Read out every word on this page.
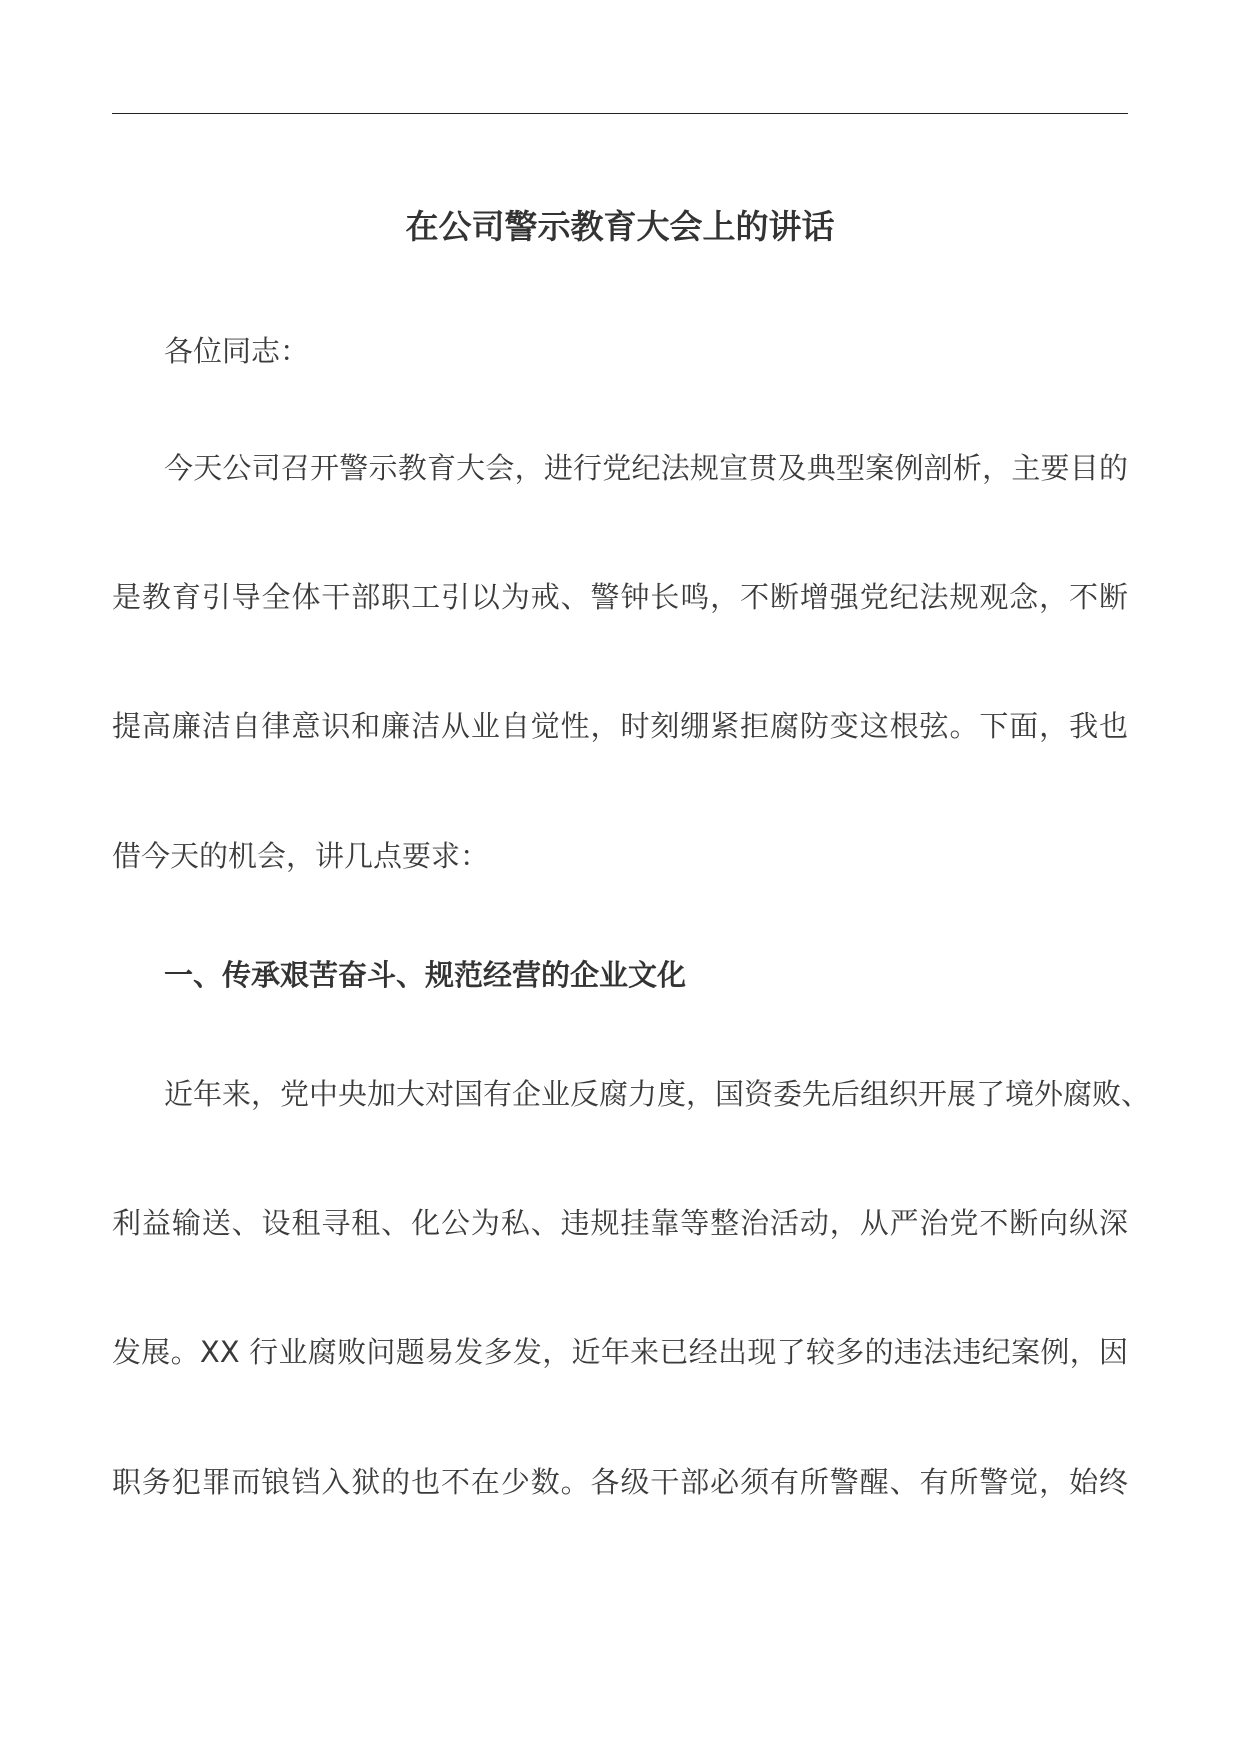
在公司警示教育大会上的讲话

各位同志：

今天公司召开警示教育大会，进行党纪法规宣贯及典型案例剖析，主要目的

是教育引导全体干部职工引以为戒、警钟长鸣，不断增强党纪法规观念，不断

提高廉洁自律意识和廉洁从业自觉性，时刻绷紧拒腐防变这根弦。下面，我也

借今天的机会，讲几点要求：

一、传承艰苦奋斗、规范经营的企业文化

近年来，党中央加大对国有企业反腐力度，国资委先后组织开展了境外腐败、

利益输送、设租寻租、化公为私、违规挂靠等整治活动，从严治党不断向纵深

发展。XX 行业腐败问题易发多发，近年来已经出现了较多的违法违纪案例，因

职务犯罪而锒铛入狱的也不在少数。各级干部必须有所警醒、有所警觉，始终
